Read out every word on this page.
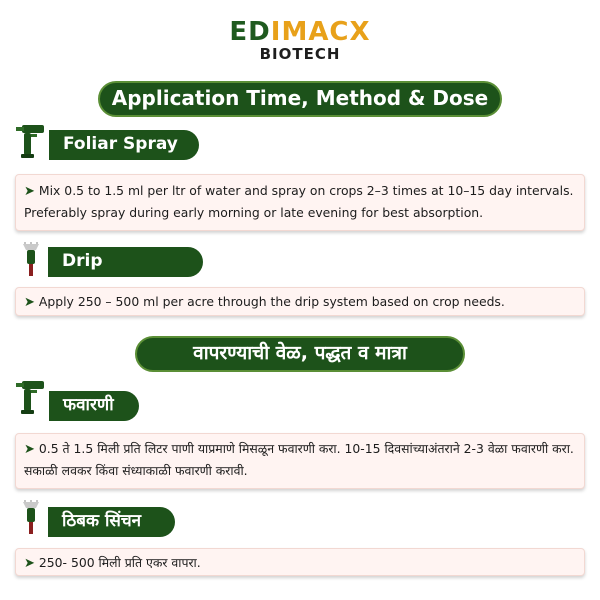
EDIMACX
BIOTECH
Application Time, Method & Dose
Foliar Spray
➤ Mix 0.5 to 1.5 ml per ltr of water and spray on crops 2–3 times at 10–15 day intervals. Preferably spray during early morning or late evening for best absorption.
Drip
➤ Apply 250 – 500 ml per acre through the drip system based on crop needs.
वापरण्याची वेळ, पद्धत व मात्रा
फवारणी
➤ 0.5 ते 1.5 मिली प्रति लिटर पाणी याप्रमाणे मिसळून फवारणी करा. 10-15 दिवसांच्याअंतराने 2-3 वेळा फवारणी करा. सकाळी लवकर किंवा संध्याकाळी फवारणी करावी.
ठिबक सिंचन
➤ 250- 500 मिली प्रति एकर वापरा.
